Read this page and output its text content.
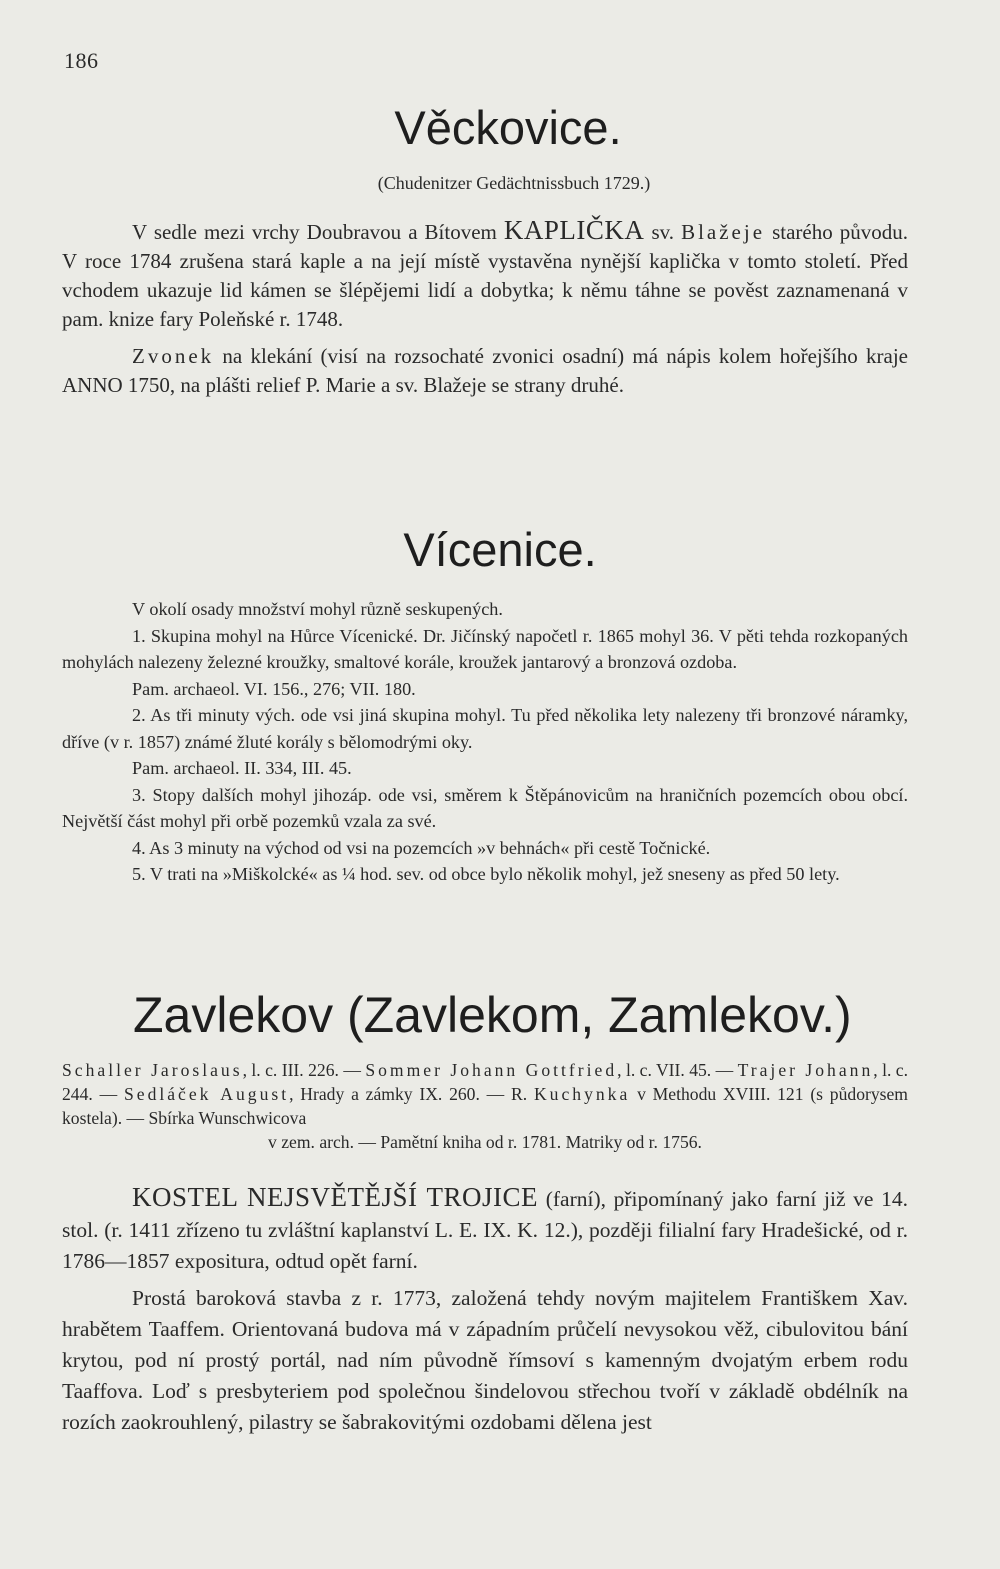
186
Věckovice.
(Chudenitzer Gedächtnissbuch 1729.)

V sedle mezi vrchy Doubravou a Bítovem KAPLIČKA sv. Blažeje starého původu. V roce 1784 zrušena stará kaple a na její místě vystavěna nynější kaplička v tomto století. Před vchodem ukazuje lid kámen se šlépějemi lidí a dobytka; k němu táhne se pověst zaznamenaná v pam. knize fary Poleňské r. 1748.

Zvonek na klekání (visí na rozsochaté zvonici osadní) má nápis kolem hořejšího kraje ANNO 1750, na plášti relief P. Marie a sv. Blažeje se strany druhé.

Vícenice.

V okolí osady množství mohyl různě seskupených.

1. Skupina mohyl na Hůrce Vícenické. Dr. Jičínský napočetl r. 1865 mohyl 36. V pěti tehda rozkopaných mohylách nalezeny železné kroužky, smaltové korále, kroužek jantarový a bronzová ozdoba.

Pam. archaeol. VI. 156., 276; VII. 180.

2. As tři minuty vých. ode vsi jiná skupina mohyl. Tu před několika lety nalezeny tři bronzové náramky, dříve (v r. 1857) známé žluté korály s bělomodrými oky.

Pam. archaeol. II. 334, III. 45.

3. Stopy dalších mohyl jihozáp. ode vsi, směrem k Štěpánovicům na hraničních pozemcích obou obcí. Největší část mohyl při orbě pozemků vzala za své.

4. As 3 minuty na východ od vsi na pozemcích »v behnách« při cestě Točnické.

5. V trati na »Miškolcké« as ¼ hod. sev. od obce bylo několik mohyl, jež sneseny as před 50 lety.

Zavlekov (Zavlekom, Zamlekov.)

Schaller Jaroslaus, l. c. III. 226. — Sommer Johann Gottfried, l. c. VII. 45. — Trajer Johann, l. c. 244. — Sedláček August, Hrady a zámky IX. 260. — R. Kuchynka v Methodu XVIII. 121 (s půdorysem kostela). — Sbírka Wunschwicova

v zem. arch. — Pamětní kniha od r. 1781. Matriky od r. 1756.

KOSTEL NEJSVĚTĚJŠÍ TROJICE (farní), připomínaný jako farní již ve 14. stol. (r. 1411 zřízeno tu zvláštní kaplanství L. E. IX. K. 12.), později filialní fary Hradešické, od r. 1786—1857 expositura, odtud opět farní.

Prostá baroková stavba z r. 1773, založená tehdy novým majitelem Františkem Xav. hrabětem Taaffem. Orientovaná budova má v západním průčelí nevysokou věž, cibulovitou bání krytou, pod ní prostý portál, nad ním původně římsoví s kamenným dvojatým erbem rodu Taaffova. Loď s presbyteriem pod společnou šindelovou střechou tvoří v základě obdélník na rozích zaokrouhlený, pilastry se šabrakovitými ozdobami dělena jest
